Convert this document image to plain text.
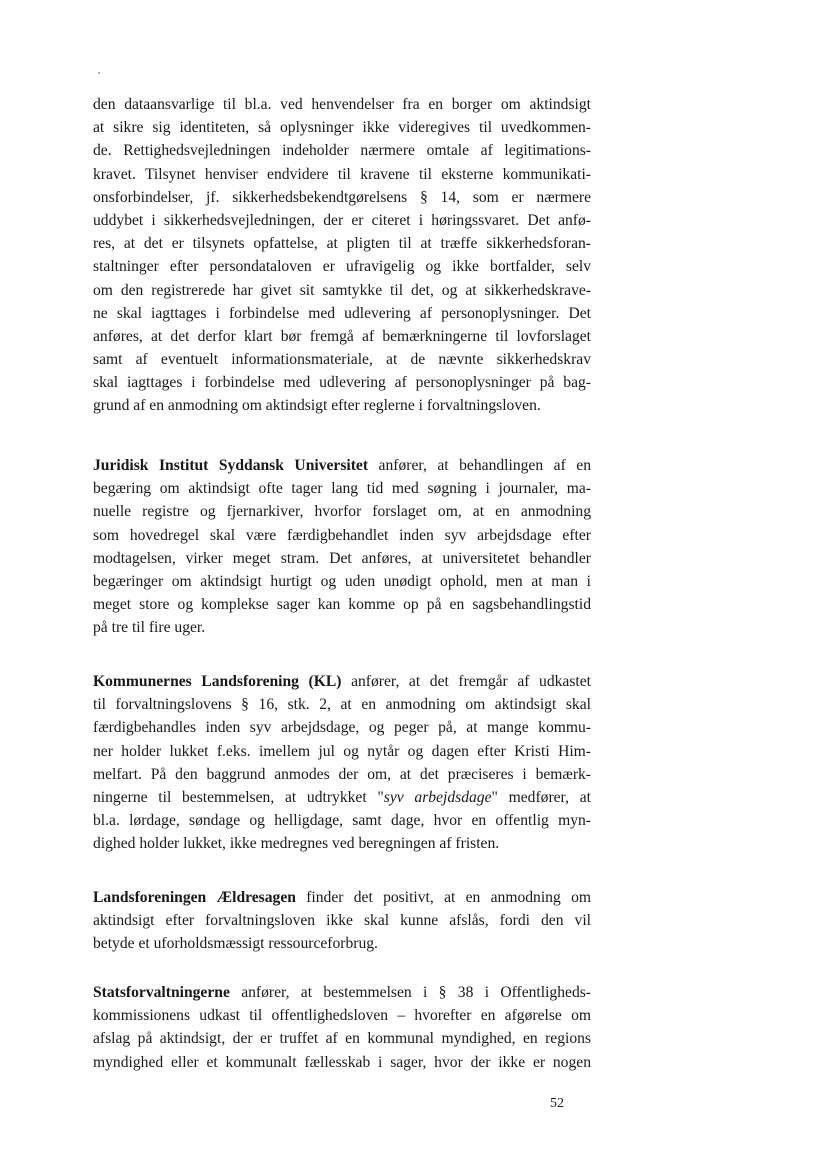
den dataansvarlige til bl.a. ved henvendelser fra en borger om aktindsigt
at sikre sig identiteten, så oplysninger ikke videregives til uvedkommen-
de. Rettighedsvejledningen indeholder nærmere omtale af legitimations-
kravet. Tilsynet henviser endvidere til kravene til eksterne kommunikati-
onsforbindelser, jf. sikkerhedsbekendtgørelsens § 14, som er nærmere
uddybet i sikkerhedsvejledningen, der er citeret i høringssvaret. Det anfø-
res, at det er tilsynets opfattelse, at pligten til at træffe sikkerhedsforan-
staltninger efter persondataloven er ufravigelig og ikke bortfalder, selv
om den registrerede har givet sit samtykke til det, og at sikkerhedskrave-
ne skal iagttages i forbindelse med udlevering af personoplysninger. Det
anføres, at det derfor klart bør fremgå af bemærkningerne til lovforslaget
samt af eventuelt informationsmateriale, at de nævnte sikkerhedskrav
skal iagttages i forbindelse med udlevering af personoplysninger på bag-
grund af en anmodning om aktindsigt efter reglerne i forvaltningsloven.
Juridisk Institut Syddansk Universitet anfører, at behandlingen af en
begæring om aktindsigt ofte tager lang tid med søgning i journaler, ma-
nuelle registre og fjernarkiver, hvorfor forslaget om, at en anmodning
som hovedregel skal være færdigbehandlet inden syv arbejdsdage efter
modtagelsen, virker meget stram. Det anføres, at universitetet behandler
begæringer om aktindsigt hurtigt og uden unødigt ophold, men at man i
meget store og komplekse sager kan komme op på en sagsbehandlingstid
på tre til fire uger.
Kommunernes Landsforening (KL) anfører, at det fremgår af udkastet
til forvaltningslovens § 16, stk. 2, at en anmodning om aktindsigt skal
færdigbehandles inden syv arbejdsdage, og peger på, at mange kommu-
ner holder lukket f.eks. imellem jul og nytår og dagen efter Kristi Him-
melfart. På den baggrund anmodes der om, at det præciseres i bemærk-
ningerne til bestemmelsen, at udtrykket "syv arbejdsdage" medfører, at
bl.a. lørdage, søndage og helligdage, samt dage, hvor en offentlig myn-
dighed holder lukket, ikke medregnes ved beregningen af fristen.
Landsforeningen Ældresagen finder det positivt, at en anmodning om
aktindsigt efter forvaltningsloven ikke skal kunne afslås, fordi den vil
betyde et uforholdsmæssigt ressourceforbrug.
Statsforvaltningerne anfører, at bestemmelsen i § 38 i Offentligheds-
kommissionens udkast til offentlighedsloven – hvorefter en afgørelse om
afslag på aktindsigt, der er truffet af en kommunal myndighed, en regions
myndighed eller et kommunalt fællesskab i sager, hvor der ikke er nogen
52
